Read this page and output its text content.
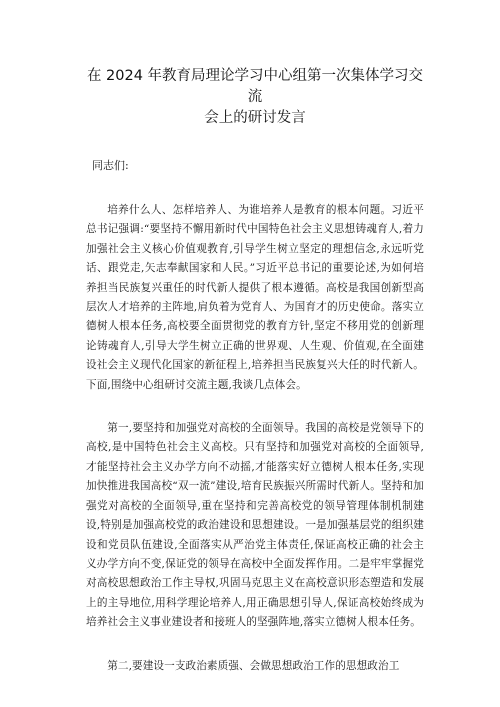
在 2024 年教育局理论学习中心组第一次集体学习交流
会上的研讨发言

同志们:

培养什么人、怎样培养人、为谁培养人是教育的根本问题。习近平总书记强调:“要坚持不懈用新时代中国特色社会主义思想铸魂育人,着力加强社会主义核心价值观教育,引导学生树立坚定的理想信念,永远听党话、跟党走,矢志奉献国家和人民。”习近平总书记的重要论述,为如何培养担当民族复兴重任的时代新人提供了根本遵循。高校是我国创新型高层次人才培养的主阵地,肩负着为党育人、为国育才的历史使命。落实立德树人根本任务,高校要全面贯彻党的教育方针,坚定不移用党的创新理论铸魂育人,引导大学生树立正确的世界观、人生观、价值观,在全面建设社会主义现代化国家的新征程上,培养担当民族复兴大任的时代新人。下面,围绕中心组研讨交流主题,我谈几点体会。

第一,要坚持和加强党对高校的全面领导。我国的高校是党领导下的高校,是中国特色社会主义高校。只有坚持和加强党对高校的全面领导,才能坚持社会主义办学方向不动摇,才能落实好立德树人根本任务,实现加快推进我国高校“双一流”建设,培育民族振兴所需时代新人。坚持和加强党对高校的全面领导,重在坚持和完善高校党的领导管理体制机制建设,特别是加强高校党的政治建设和思想建设。一是加强基层党的组织建设和党员队伍建设,全面落实从严治党主体责任,保证高校正确的社会主义办学方向不变,保证党的领导在高校中全面发挥作用。二是牢牢掌握党对高校思想政治工作主导权,巩固马克思主义在高校意识形态塑造和发展上的主导地位,用科学理论培养人,用正确思想引导人,保证高校始终成为培养社会主义事业建设者和接班人的坚强阵地,落实立德树人根本任务。

第二,要建设一支政治素质强、会做思想政治工作的思想政治工
